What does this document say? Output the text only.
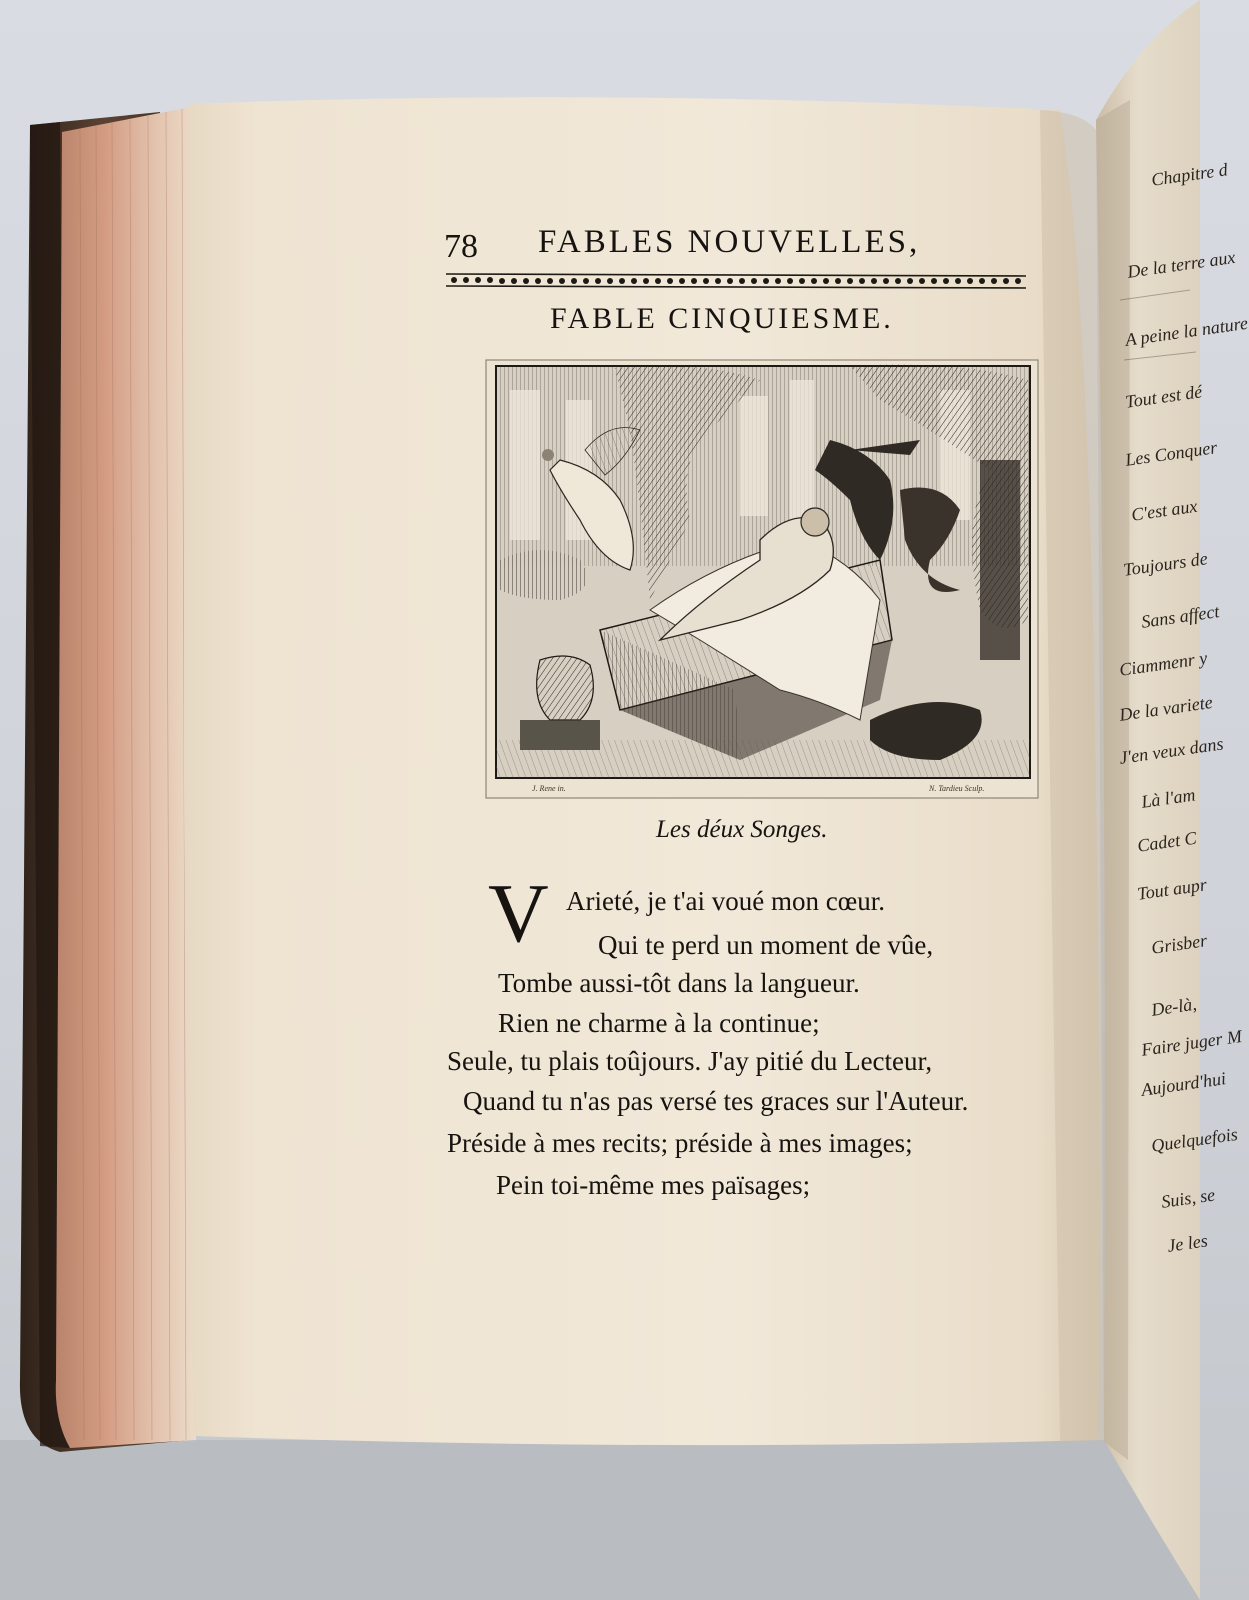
78 FABLES NOUVELLES,
FABLE CINQUIESME.
J. Rene in.	N. Tardieu Sculp.
Les déux Songes.
V Arieté, je t'ai voué mon cœur.
Qui te perd un moment de vûe,
Tombe aussi-tôt dans la langueur.
Rien ne charme à la continue;
Seule, tu plais toûjours. J'ay pitié du Lecteur,
Quand tu n'as pas versé tes graces sur l'Auteur.
Préside à mes recits; préside à mes images;
Pein toi-même mes païsages;
Chapitre d
De la terre aux
A peine la nature
Tout est dé
Les Conquer
C'est aux
Toujours de
Sans affect
Ciammenr y
De la variete
J'en veux dans
Là l'am
Cadet C
Tout aupr
Grisber
De-là,
Faire juger M
Aujourd'hui
Quelquefois
Suis, se
Je les
